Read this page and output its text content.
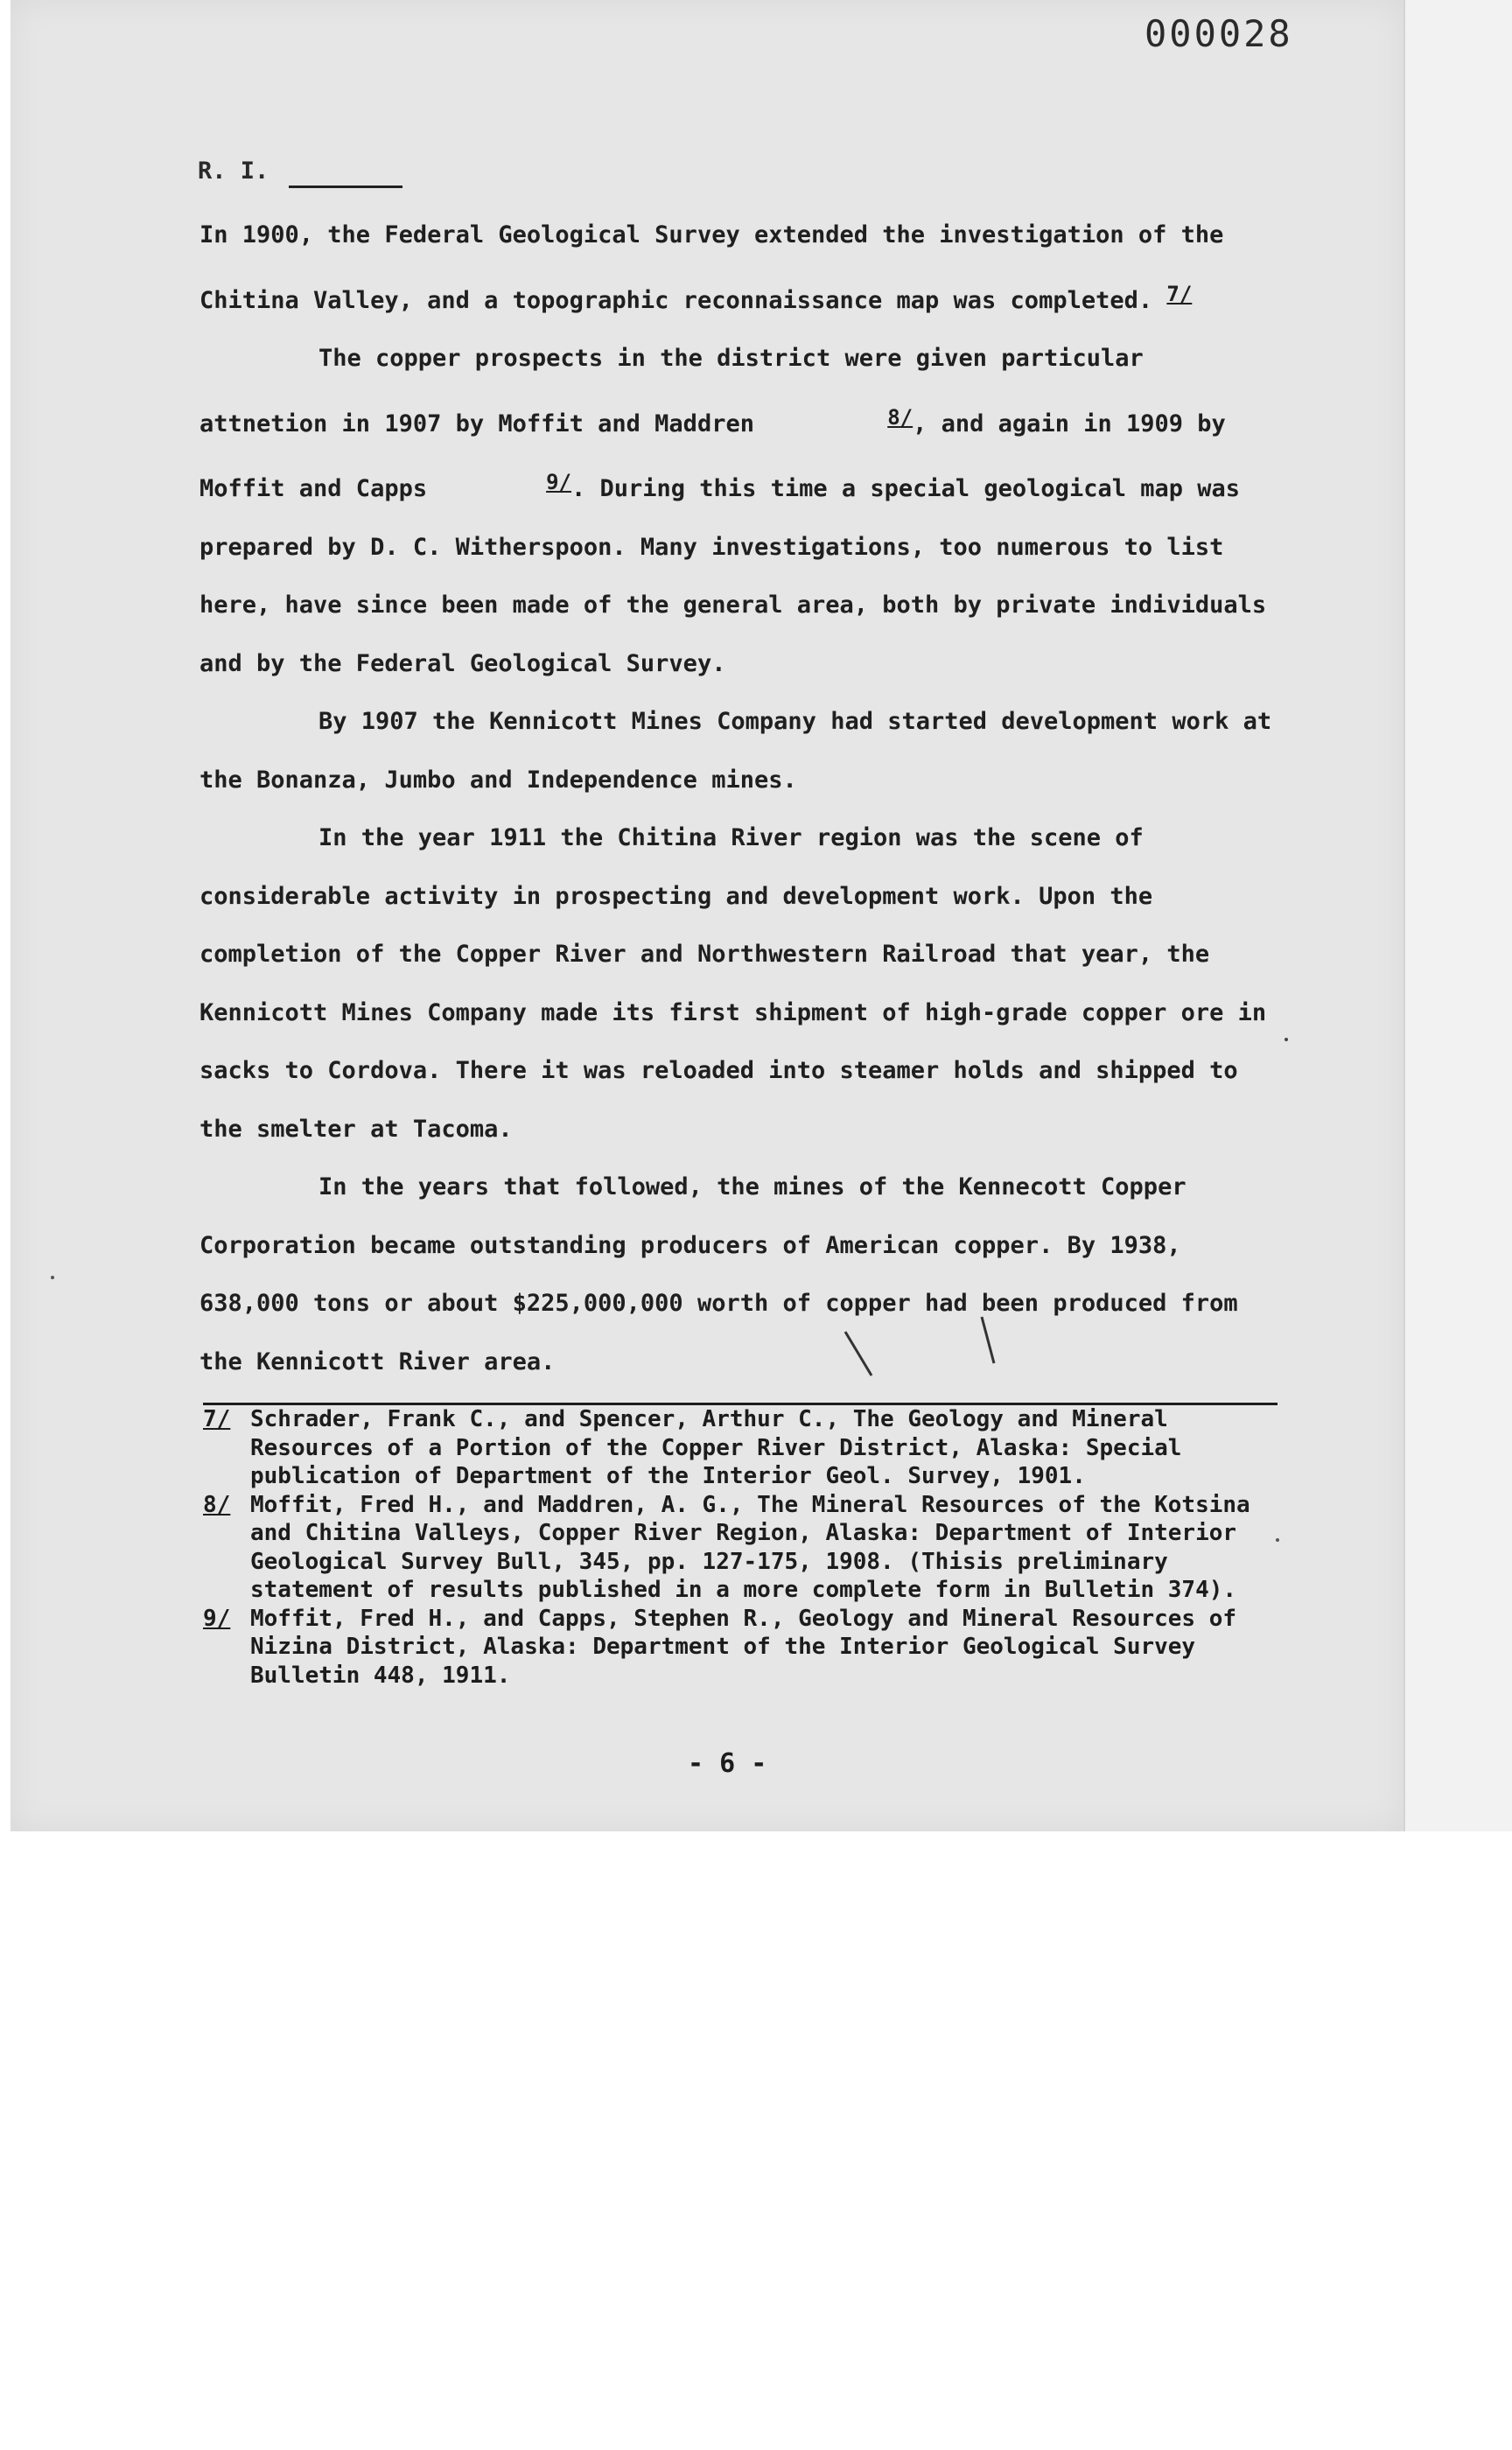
000028
R. I.

In 1900, the Federal Geological Survey extended the investigation of the Chitina Valley, and a topographic reconnaissance map was completed. 7/

The copper prospects in the district were given particular attnetion in 1907 by Moffit and Maddren	8/, and again in 1909 by Moffit and Capps	9/. During this time a special geological map was prepared by D. C. Witherspoon. Many investigations, too numerous to list here, have since been made of the general area, both by private individuals and by the Federal Geological Survey.

By 1907 the Kennicott Mines Company had started development work at the Bonanza, Jumbo and Independence mines.

In the year 1911 the Chitina River region was the scene of considerable activity in prospecting and development work. Upon the completion of the Copper River and Northwestern Railroad that year, the Kennicott Mines Company made its first shipment of high-grade copper ore in sacks to Cordova. There it was reloaded into steamer holds and shipped to the smelter at Tacoma.

In the years that followed, the mines of the Kennecott Copper Corporation became outstanding producers of American copper. By 1938, 638,000 tons or about $225,000,000 worth of copper had been produced from the Kennicott River area.

7/ Schrader, Frank C., and Spencer, Arthur C., The Geology and Mineral Resources of a Portion of the Copper River District, Alaska: Special publication of Department of the Interior Geol. Survey, 1901.
8/ Moffit, Fred H., and Maddren, A. G., The Mineral Resources of the Kotsina and Chitina Valleys, Copper River Region, Alaska: Department of Interior Geological Survey Bull, 345, pp. 127-175, 1908. (Thisis preliminary statement of results published in a more complete form in Bulletin 374).
9/ Moffit, Fred H., and Capps, Stephen R., Geology and Mineral Resources of Nizina District, Alaska: Department of the Interior Geological Survey Bulletin 448, 1911.
- 6 -
